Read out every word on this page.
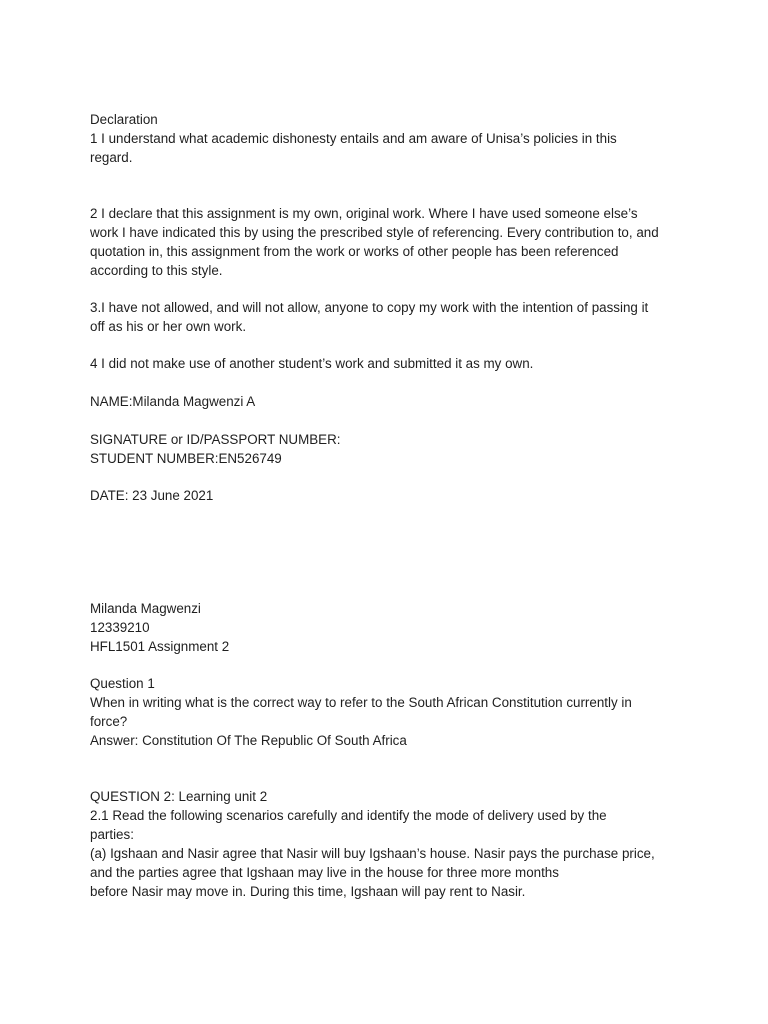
Declaration
1 I understand what academic dishonesty entails and am aware of Unisa’s policies in this
regard.
2 I declare that this assignment is my own, original work. Where I have used someone else’s
work I have indicated this by using the prescribed style of referencing. Every contribution to, and
quotation in, this assignment from the work or works of other people has been referenced
according to this style.
3.I have not allowed, and will not allow, anyone to copy my work with the intention of passing it
off as his or her own work.
4 I did not make use of another student’s work and submitted it as my own.
NAME:Milanda Magwenzi A
SIGNATURE or ID/PASSPORT NUMBER:
STUDENT NUMBER:EN526749
DATE: 23 June 2021
Milanda Magwenzi
12339210
HFL1501 Assignment 2
Question 1
When in writing what is the correct way to refer to the South African Constitution currently in
force?
Answer: Constitution Of The Republic Of South Africa
QUESTION 2: Learning unit 2
2.1 Read the following scenarios carefully and identify the mode of delivery used by the
parties:
(a) Igshaan and Nasir agree that Nasir will buy Igshaan’s house. Nasir pays the purchase price,
and the parties agree that Igshaan may live in the house for three more months
before Nasir may move in. During this time, Igshaan will pay rent to Nasir.
